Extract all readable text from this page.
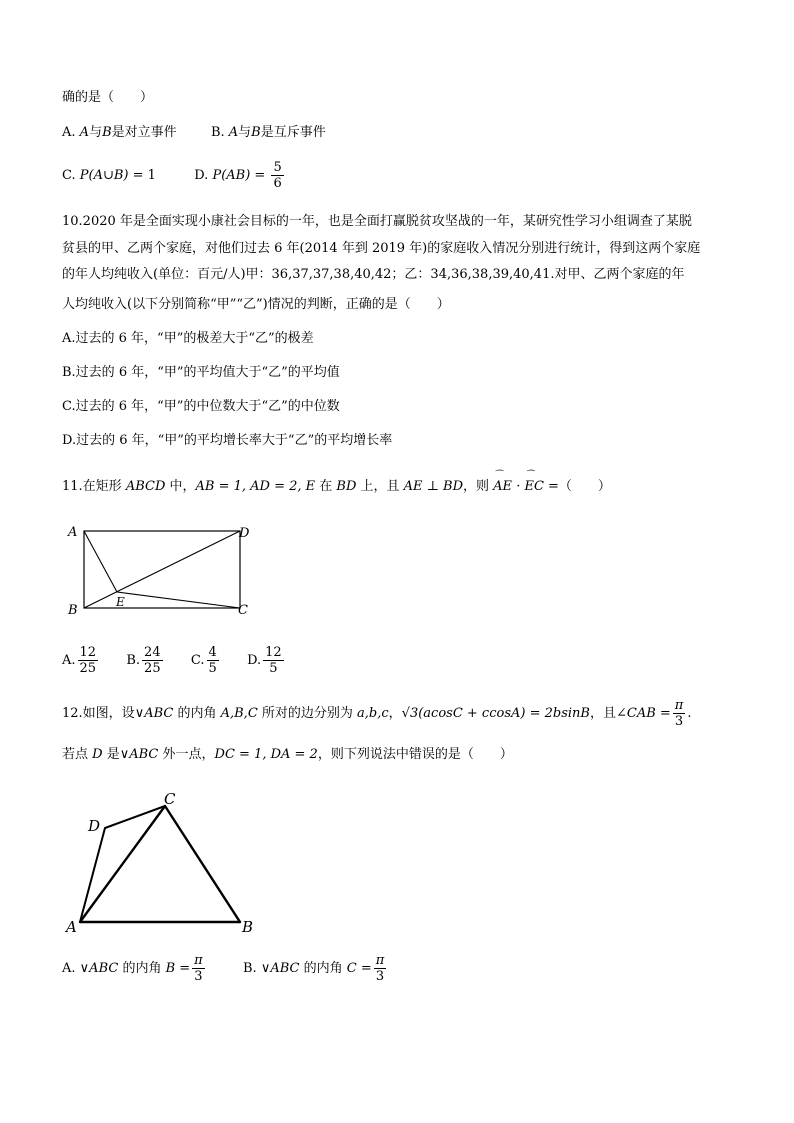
确的是（　　）
A. A与B是对立事件	B. A与B是互斥事件
C. P(A∪B) = 1	D. $P(AB) = \frac{5}{6}$
10.2020 年是全面实现小康社会目标的一年，也是全面打赢脱贫攻坚战的一年，某研究性学习小组调查了某脱
贫县的甲、乙两个家庭，对他们过去 6 年(2014 年到 2019 年)的家庭收入情况分别进行统计，得到这两个家庭
的年人均纯收入(单位：百元/人)甲：36,37,37,38,40,42；乙：34,36,38,39,40,41.对甲、乙两个家庭的年
人均纯收入(以下分别简称“甲”“乙”)情况的判断，正确的是（　　）
A.过去的 6 年，“甲”的极差大于“乙”的极差
B.过去的 6 年，“甲”的平均值大于“乙”的平均值
C.过去的 6 年，“甲”的中位数大于“乙”的中位数
D.过去的 6 年，“甲”的平均增长率大于“乙”的平均增长率
11.在矩形 ABCD 中，AB = 1, AD = 2, E 在 BD 上，且 AE ⊥ BD，则 ⁀ AE · ⁀ EC =（　　）
A
B	C
D
E
A. $\frac{12}{25} B$. $\frac{24}{25} C$. $\frac{4}{5} D$. $\frac{12}{5}$
12.如图，设∨ABC 的内角 A,B,C 所对的边分别为 a,b,c，√3(acosC + ccosA) = 2bsinB，且∠CAB = $\frac{\pi}{3}$ .
若点 D 是∨ABC 外一点，DC = 1, DA = 2，则下列说法中错误的是（　　）
A	B
C
D
A. ∨ABC 的内角 $B = \frac{\pi}{3}$	B. ∨ABC 的内角 $C = \frac{\pi}{3}$
